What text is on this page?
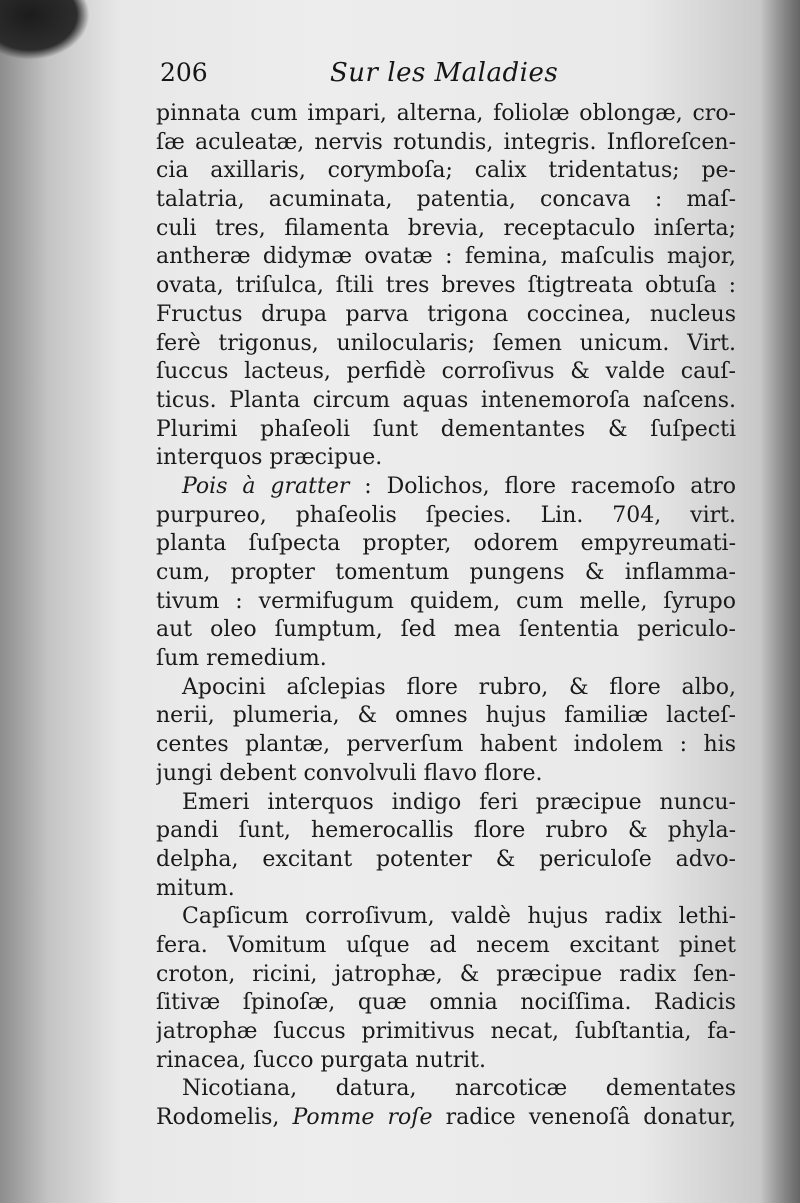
206	Sur les Maladies
pinnata cum impari, alterna, foliolæ oblongæ, cro-
ſæ aculeatæ, nervis rotundis, integris. Infloreſcen-
cia axillaris, corymboſa; calix tridentatus; pe-
talatria, acuminata, patentia, concava : maſ-
culi tres, filamenta brevia, receptaculo inſerta;
antheræ didymæ ovatæ : femina, maſculis major,
ovata, triſulca, ſtili tres breves ſtigtreata obtuſa :
Fructus drupa parva trigona coccinea, nucleus
ferè trigonus, unilocularis; ſemen unicum. Virt.
ſuccus lacteus, perfidè corroſivus & valde cauſ-
ticus. Planta circum aquas intenemoroſa naſcens.
Plurimi phaſeoli ſunt dementantes & ſuſpecti
interquos præcipue.
Pois à gratter : Dolichos, flore racemoſo atro
purpureo, phaſeolis ſpecies. Lin. 704, virt.
planta ſuſpecta propter, odorem empyreumati-
cum, propter tomentum pungens & inflamma-
tivum : vermifugum quidem, cum melle, ſyrupo
aut oleo ſumptum, ſed mea ſententia periculo-
ſum remedium.
Apocini aſclepias flore rubro, & flore albo,
nerii, plumeria, & omnes hujus familiæ lacteſ-
centes plantæ, perverſum habent indolem : his
jungi debent convolvuli flavo flore.
Emeri interquos indigo feri præcipue nuncu-
pandi ſunt, hemerocallis flore rubro & phyla-
delpha, excitant potenter & periculoſe advo-
mitum.
Capſicum corroſivum, valdè hujus radix lethi-
fera. Vomitum uſque ad necem excitant pinet
croton, ricini, jatrophæ, & præcipue radix ſen-
ſitivæ ſpinoſæ, quæ omnia nociſſima. Radicis
jatrophæ ſuccus primitivus necat, ſubſtantia, fa-
rinacea, ſucco purgata nutrit.
Nicotiana, datura, narcoticæ dementates
Rodomelis, Pomme roſe radice venenoſâ donatur,
